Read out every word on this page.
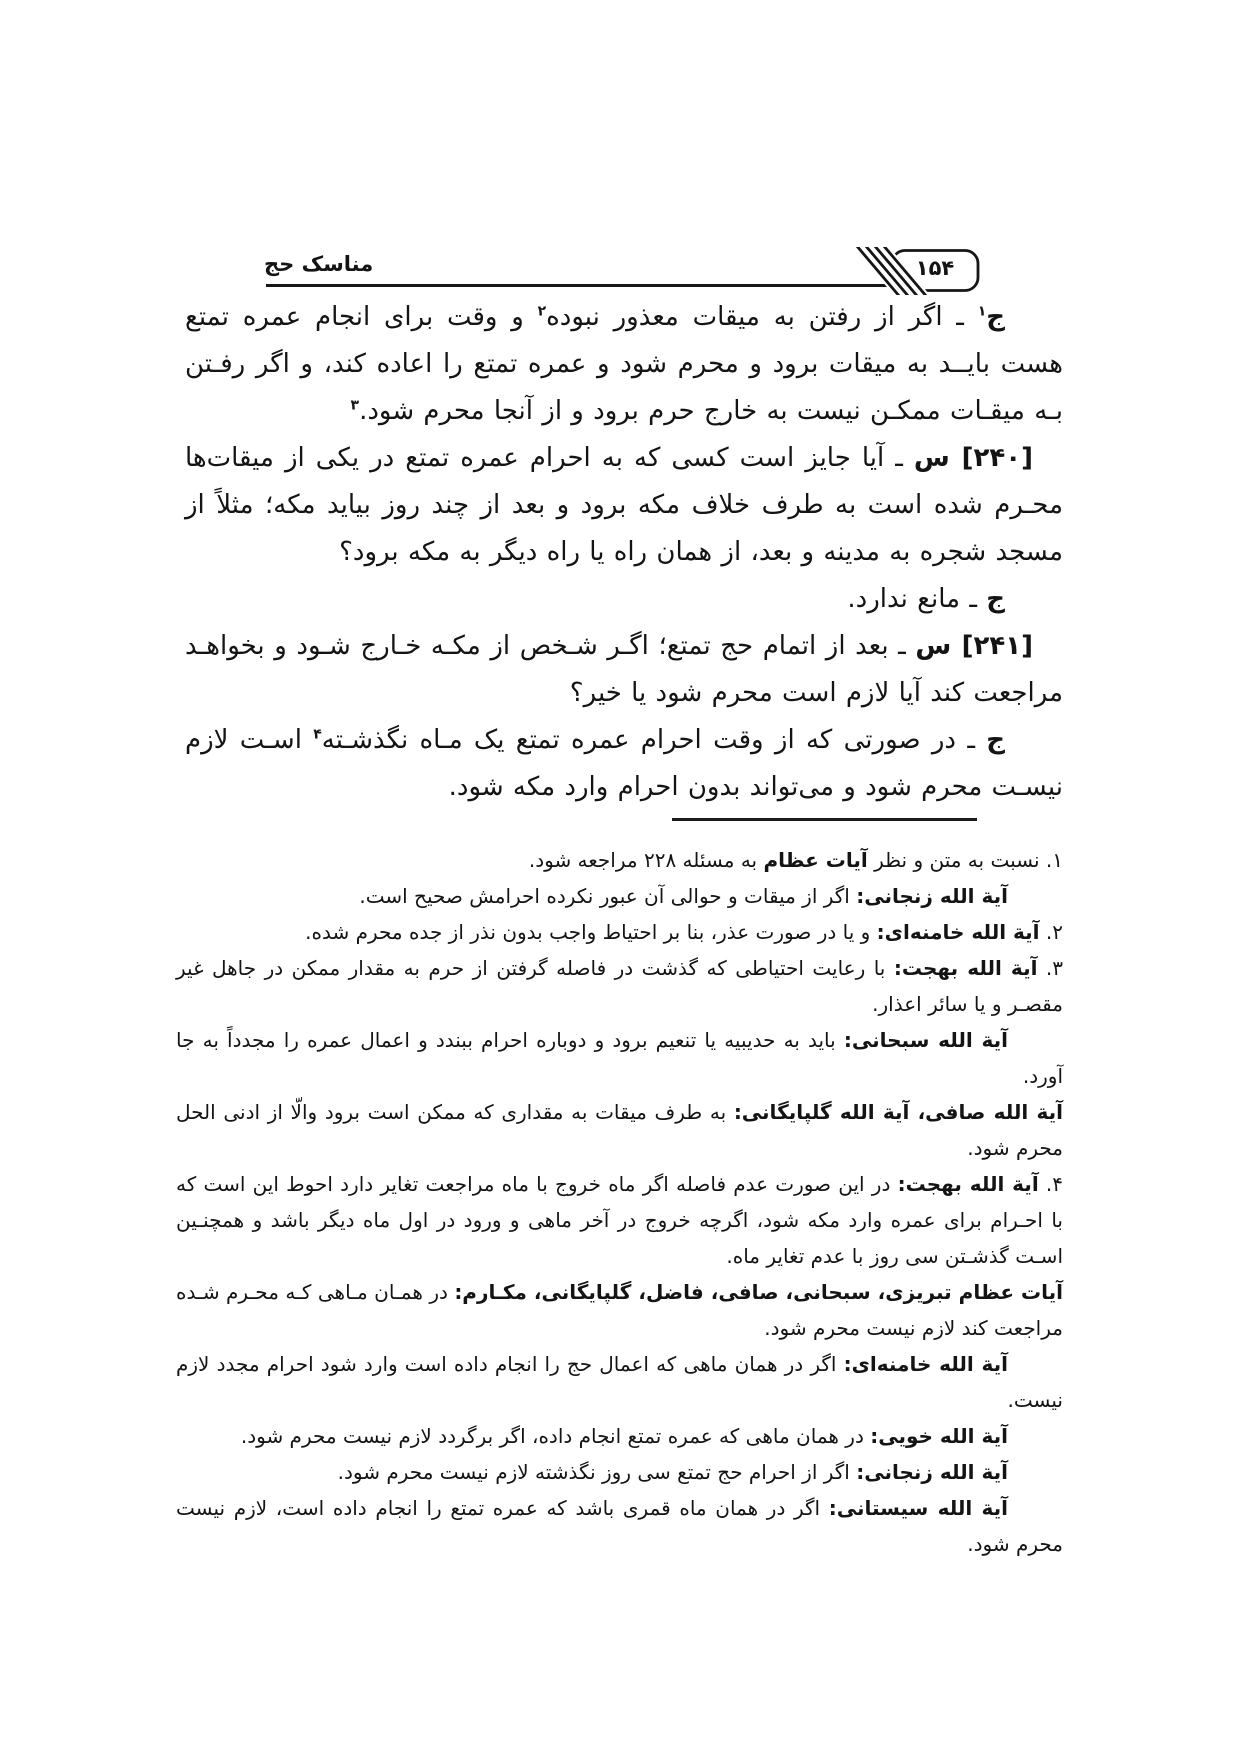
مناسک حج	۱۵۴
ج$^۱$ ـ اگر از رفتن به میقات معذور نبوده$^۲$ و وقت برای انجام عمره تمتع هست بایــد به میقات برود و محرم شود و عمره تمتع را اعاده کند، و اگر رفـتن بـه میقـات ممکـن نیست به خارج حرم برود و از آنجا محرم شود.$^۳$
[۲۴۰] س ـ آیا جایز است کسی که به احرام عمره تمتع در یکی از میقات‌ها محـرم شده است به طرف خلاف مکه برود و بعد از چند روز بیاید مکه؛ مثلاً از مسجد شجره به مدینه و بعد، از همان راه یا راه دیگر به مکه برود؟
ج ـ مانع ندارد.
[۲۴۱] س ـ بعد از اتمام حج تمتع؛ اگـر شـخص از مکـه خـارج شـود و بخواهـد مراجعت کند آیا لازم است محرم شود یا خیر؟
ج ـ در صورتی که از وقت احرام عمره تمتع یک مـاه نگذشـته$^۴$ اسـت لازم نیسـت محرم شود و می‌تواند بدون احرام وارد مکه شود.
۱. نسبت به متن و نظر آیات عظام به مسئله ۲۲۸ مراجعه شود.
آیة الله زنجانی: اگر از میقات و حوالی آن عبور نکرده احرامش صحیح است.
۲. آیة الله خامنه‌ای: و یا در صورت عذر، بنا بر احتیاط واجب بدون نذر از جده محرم شده.
۳. آیة الله بهجت: با رعایت احتیاطی که گذشت در فاصله گرفتن از حرم به مقدار ممکن در جاهل غیر مقصـر و یا سائر اعذار.
آیة الله سبحانی: باید به حدیبیه یا تنعیم برود و دوباره احرام ببندد و اعمال عمره را مجدداً به جا آورد.
آیة الله صافی، آیة الله گلپایگانی: به طرف میقات به مقداری که ممکن است برود والّا از ادنی الحل محرم شود.
۴. آیة الله بهجت: در این صورت عدم فاصله اگر ماه خروج با ماه مراجعت تغایر دارد احوط این است که با احـرام برای عمره وارد مکه شود، اگرچه خروج در آخر ماهی و ورود در اول ماه دیگر باشد و همچنـین اسـت گذشـتن سی روز با عدم تغایر ماه.
آیات عظام تبریزی، سبحانی، صافی، فاضل، گلپایگانی، مکـارم: در همـان مـاهی کـه محـرم شـده مراجعت کند لازم نیست محرم شود.
آیة الله خامنه‌ای: اگر در همان ماهی که اعمال حج را انجام داده است وارد شود احرام مجدد لازم نیست.
آیة الله خویی: در همان ماهی که عمره تمتع انجام داده، اگر برگردد لازم نیست محرم شود.
آیة الله زنجانی: اگر از احرام حج تمتع سی روز نگذشته لازم نیست محرم شود.
آیة الله سیستانی: اگر در همان ماه قمری باشد که عمره تمتع را انجام داده است، لازم نیست محرم شود.
